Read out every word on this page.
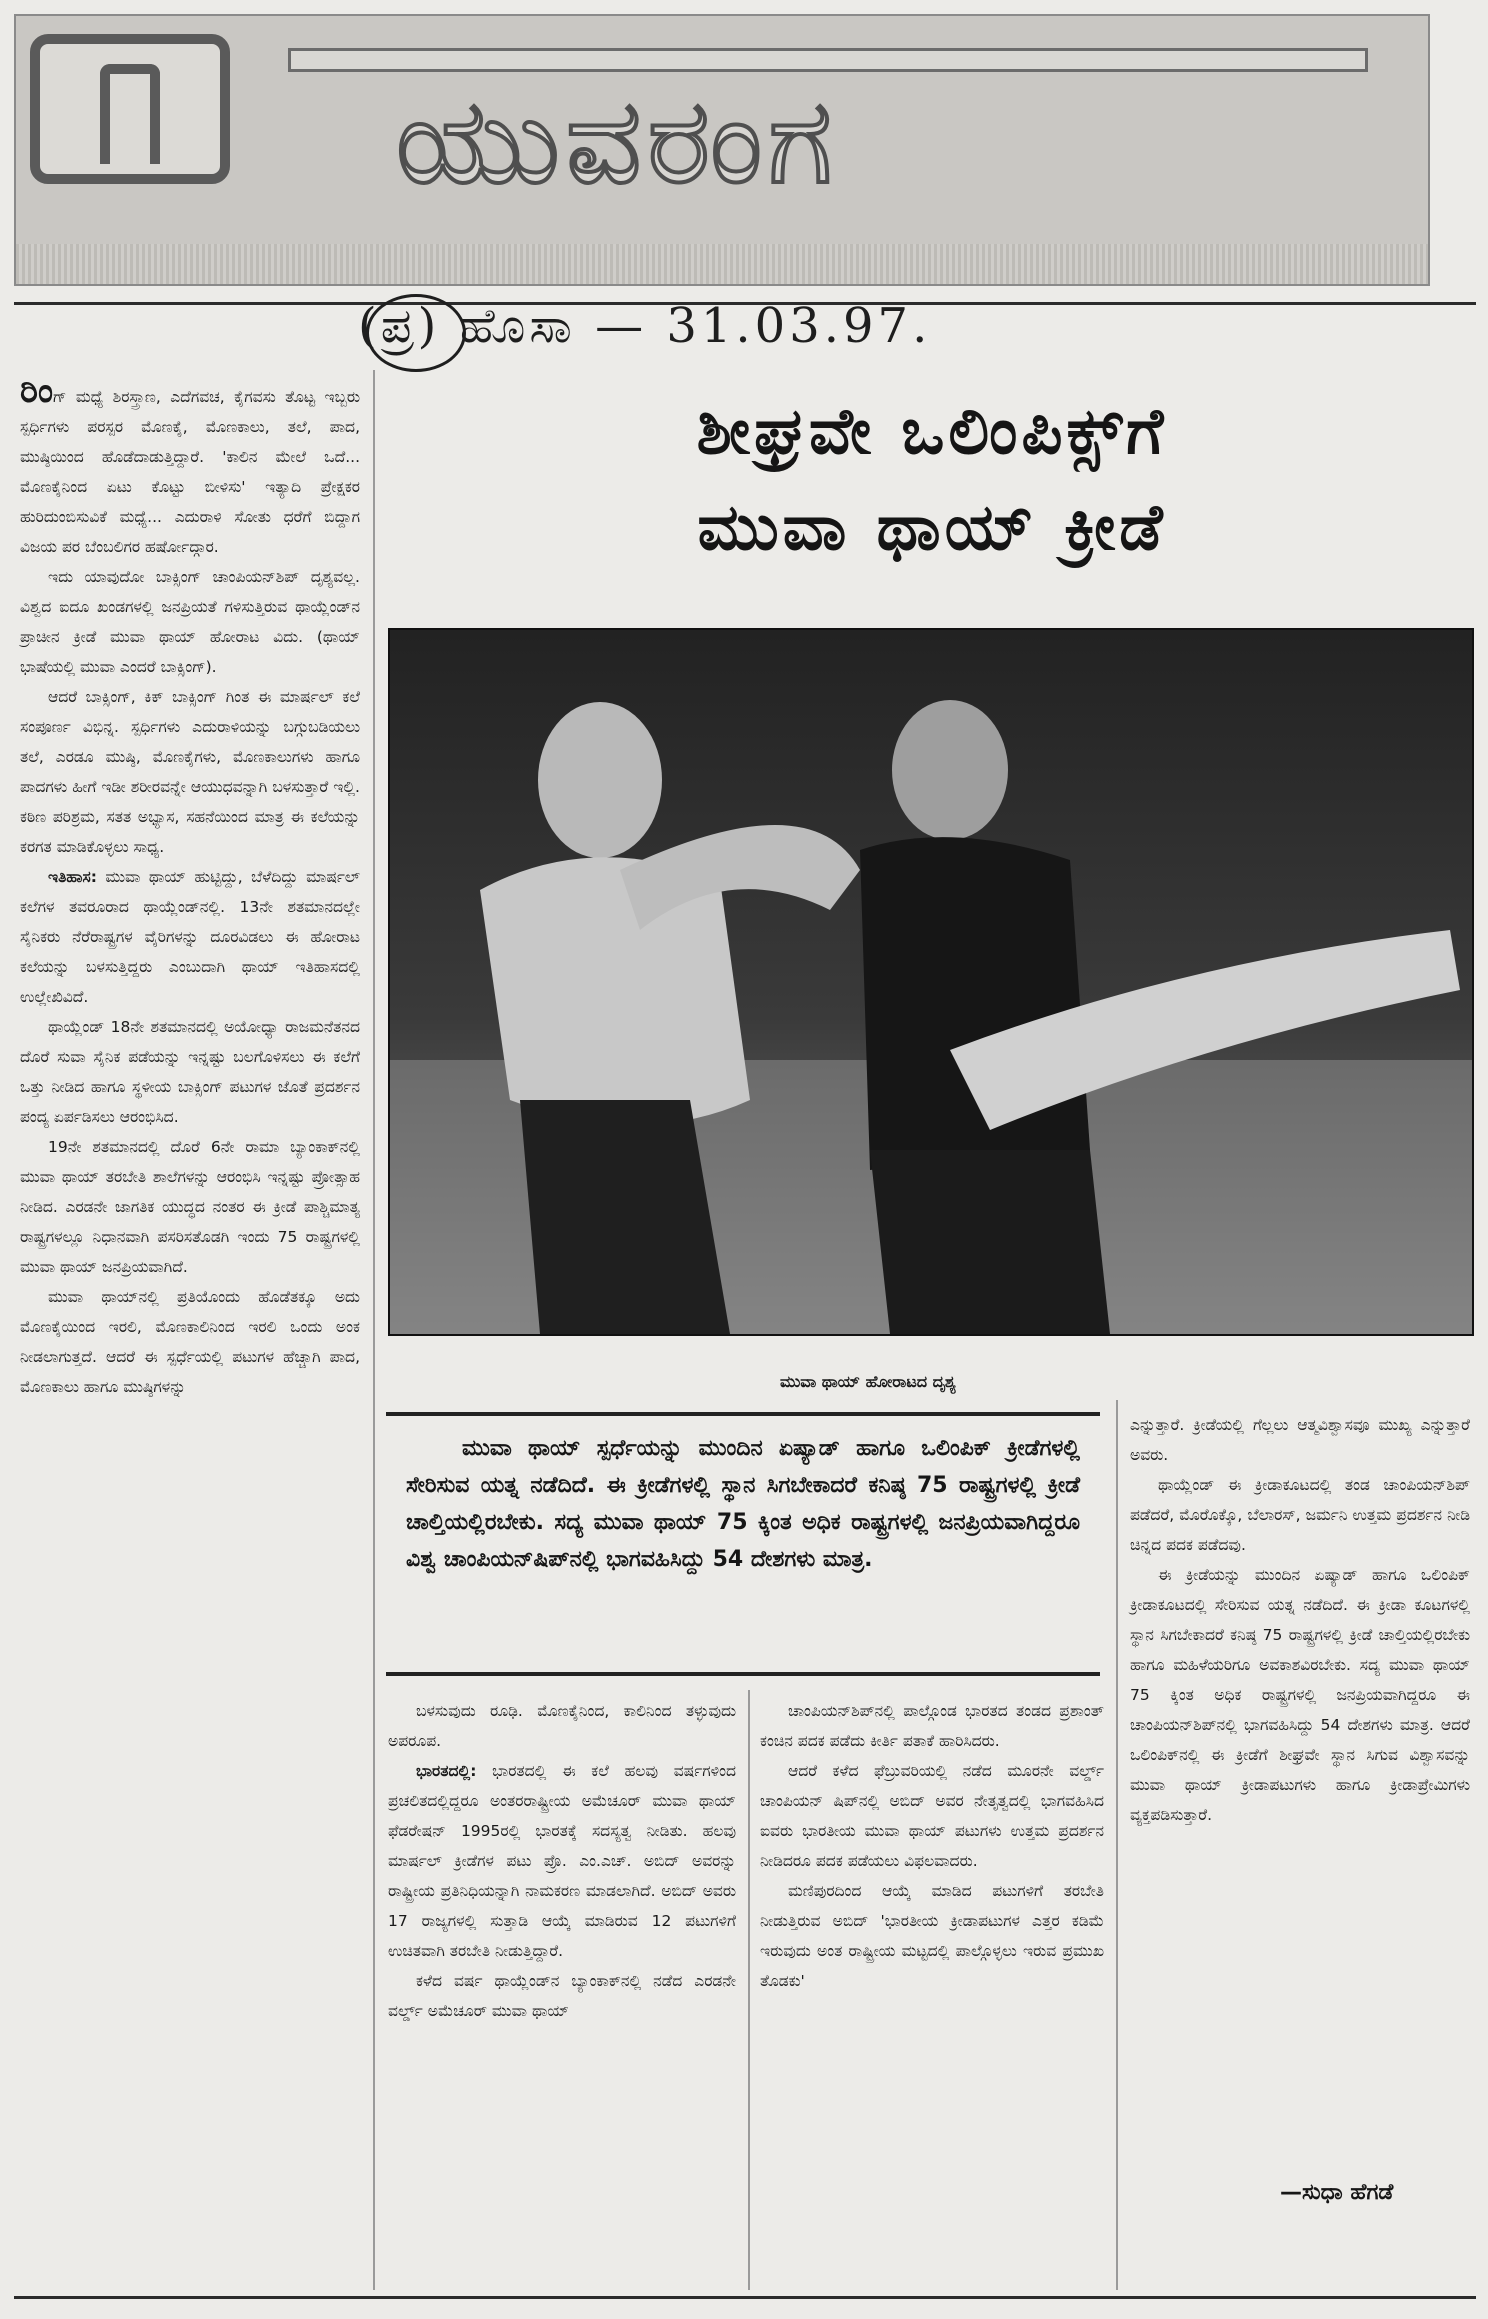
ಯುವರಂಗ
(ಪ್ರ) ಹೊಸಾ — 31.03.97.

ರಿಂಗ್ ಮಧ್ಯೆ ಶಿರಸ್ತ್ರಾಣ, ಎದೆಗವಚ, ಕೈಗವಸು ತೊಟ್ಟ ಇಬ್ಬರು ಸ್ಪರ್ಧಿಗಳು ಪರಸ್ಪರ ಮೊಣಕೈ, ಮೊಣಕಾಲು, ತಲೆ, ಪಾದ, ಮುಷ್ಠಿಯಿಂದ ಹೊಡೆದಾಡುತ್ತಿದ್ದಾರೆ. 'ಕಾಲಿನ ಮೇಲೆ ಒದೆ... ಮೊಣಕೈನಿಂದ ಏಟು ಕೊಟ್ಟು ಬೀಳಿಸು' ಇತ್ಯಾದಿ ಪ್ರೇಕ್ಷಕರ ಹುರಿದುಂಬಿಸುವಿಕೆ ಮಧ್ಯೆ... ಎದುರಾಳಿ ಸೋತು ಧರೆಗೆ ಬಿದ್ದಾಗ ವಿಜಯ ಪರ ಬೆಂಬಲಿಗರ ಹರ್ಷೋದ್ಗಾರ.

ಇದು ಯಾವುದೋ ಬಾಕ್ಸಿಂಗ್ ಚಾಂಪಿಯನ್‌ಶಿಪ್ ದೃಶ್ಯವಲ್ಲ. ವಿಶ್ವದ ಐದೂ ಖಂಡಗಳಲ್ಲಿ ಜನಪ್ರಿಯತೆ ಗಳಿಸುತ್ತಿರುವ ಥಾಯ್ಲೆಂಡ್‌ನ ಪ್ರಾಚೀನ ಕ್ರೀಡೆ ಮುವಾ ಥಾಯ್ ಹೋರಾಟ ವಿದು. (ಥಾಯ್ ಭಾಷೆಯಲ್ಲಿ ಮುವಾ ಎಂದರೆ ಬಾಕ್ಸಿಂಗ್).

ಆದರೆ ಬಾಕ್ಸಿಂಗ್, ಕಿಕ್ ಬಾಕ್ಸಿಂಗ್ ಗಿಂತ ಈ ಮಾರ್ಷಲ್ ಕಲೆ ಸಂಪೂರ್ಣ ವಿಭಿನ್ನ. ಸ್ಪರ್ಧಿಗಳು ಎದುರಾಳಿಯನ್ನು ಬಗ್ಗುಬಡಿಯಲು ತಲೆ, ಎರಡೂ ಮುಷ್ಠಿ, ಮೊಣಕೈಗಳು, ಮೊಣಕಾಲುಗಳು ಹಾಗೂ ಪಾದಗಳು ಹೀಗೆ ಇಡೀ ಶರೀರವನ್ನೇ ಆಯುಧವನ್ನಾಗಿ ಬಳಸುತ್ತಾರೆ ಇಲ್ಲಿ. ಕಠಿಣ ಪರಿಶ್ರಮ, ಸತತ ಅಭ್ಯಾಸ, ಸಹನೆಯಿಂದ ಮಾತ್ರ ಈ ಕಲೆಯನ್ನು ಕರಗತ ಮಾಡಿಕೊಳ್ಳಲು ಸಾಧ್ಯ.

ಇತಿಹಾಸ: ಮುವಾ ಥಾಯ್ ಹುಟ್ಟಿದ್ದು, ಬೆಳೆದಿದ್ದು ಮಾರ್ಷಲ್ ಕಲೆಗಳ ತವರೂರಾದ ಥಾಯ್ಲೆಂಡ್‌ನಲ್ಲಿ. 13ನೇ ಶತಮಾನದಲ್ಲೇ ಸೈನಿಕರು ನೆರೆರಾಷ್ಟ್ರಗಳ ವೈರಿಗಳನ್ನು ದೂರವಿಡಲು ಈ ಹೋರಾಟ ಕಲೆಯನ್ನು ಬಳಸುತ್ತಿದ್ದರು ಎಂಬುದಾಗಿ ಥಾಯ್ ಇತಿಹಾಸದಲ್ಲಿ ಉಲ್ಲೇಖಿವಿದೆ.

ಥಾಯ್ಲೆಂಡ್ 18ನೇ ಶತಮಾನದಲ್ಲಿ ಅಯೋಧ್ಯಾ ರಾಜಮನೆತನದ ದೊರೆ ಸುವಾ ಸೈನಿಕ ಪಡೆಯನ್ನು ಇನ್ನಷ್ಟು ಬಲಗೊಳಿಸಲು ಈ ಕಲೆಗೆ ಒತ್ತು ನೀಡಿದ ಹಾಗೂ ಸ್ಥಳೀಯ ಬಾಕ್ಸಿಂಗ್ ಪಟುಗಳ ಜೊತೆ ಪ್ರದರ್ಶನ ಪಂದ್ಯ ಏರ್ಪಡಿಸಲು ಆರಂಭಿಸಿದ.

19ನೇ ಶತಮಾನದಲ್ಲಿ ದೊರೆ 6ನೇ ರಾಮಾ ಬ್ಯಾಂಕಾಕ್‌ನಲ್ಲಿ ಮುವಾ ಥಾಯ್ ತರಬೇತಿ ಶಾಲೆಗಳನ್ನು ಆರಂಭಿಸಿ ಇನ್ನಷ್ಟು ಪ್ರೋತ್ಸಾಹ ನೀಡಿದ. ಎರಡನೇ ಜಾಗತಿಕ ಯುದ್ಧದ ನಂತರ ಈ ಕ್ರೀಡೆ ಪಾಶ್ಚಿಮಾತ್ಯ ರಾಷ್ಟ್ರಗಳಲ್ಲೂ ನಿಧಾನವಾಗಿ ಪಸರಿಸತೊಡಗಿ ಇಂದು 75 ರಾಷ್ಟ್ರಗಳಲ್ಲಿ ಮುವಾ ಥಾಯ್ ಜನಪ್ರಿಯವಾಗಿದೆ.

ಮುವಾ ಥಾಯ್‌ನಲ್ಲಿ ಪ್ರತಿಯೊಂದು ಹೊಡೆತಕ್ಕೂ ಅದು ಮೊಣಕೈಯಿಂದ ಇರಲಿ, ಮೊಣಕಾಲಿನಿಂದ ಇರಲಿ ಒಂದು ಅಂಕ ನೀಡಲಾಗುತ್ತದೆ. ಆದರೆ ಈ ಸ್ಪರ್ಧೆಯಲ್ಲಿ ಪಟುಗಳ ಹೆಚ್ಚಾಗಿ ಪಾದ, ಮೊಣಕಾಲು ಹಾಗೂ ಮುಷ್ಠಿಗಳನ್ನು

ಶೀಘ್ರವೇ ಒಲಿಂಪಿಕ್ಸ್‌ಗೆ
ಮುವಾ ಥಾಯ್ ಕ್ರೀಡೆ
ಮುವಾ ಥಾಯ್ ಹೋರಾಟದ ದೃಶ್ಯ
ಮುವಾ ಥಾಯ್ ಸ್ಪರ್ಧೆಯನ್ನು ಮುಂದಿನ ಏಷ್ಯಾಡ್ ಹಾಗೂ ಒಲಿಂಪಿಕ್ ಕ್ರೀಡೆಗಳಲ್ಲಿ ಸೇರಿಸುವ ಯತ್ನ ನಡೆದಿದೆ. ಈ ಕ್ರೀಡೆಗಳಲ್ಲಿ ಸ್ಥಾನ ಸಿಗಬೇಕಾದರೆ ಕನಿಷ್ಠ 75 ರಾಷ್ಟ್ರಗಳಲ್ಲಿ ಕ್ರೀಡೆ ಚಾಲ್ತಿಯಲ್ಲಿರಬೇಕು. ಸದ್ಯ ಮುವಾ ಥಾಯ್ 75 ಕ್ಕಿಂತ ಅಧಿಕ ರಾಷ್ಟ್ರಗಳಲ್ಲಿ ಜನಪ್ರಿಯವಾಗಿದ್ದರೂ ವಿಶ್ವ ಚಾಂಪಿಯನ್‌ಷಿಪ್‌ನಲ್ಲಿ ಭಾಗವಹಿಸಿದ್ದು 54 ದೇಶಗಳು ಮಾತ್ರ.

ಬಳಸುವುದು ರೂಢಿ. ಮೊಣಕೈನಿಂದ, ಕಾಲಿನಿಂದ ತಳ್ಳುವುದು ಅಪರೂಪ.

ಭಾರತದಲ್ಲಿ: ಭಾರತದಲ್ಲಿ ಈ ಕಲೆ ಹಲವು ವರ್ಷಗಳಿಂದ ಪ್ರಚಲಿತದಲ್ಲಿದ್ದರೂ ಅಂತರರಾಷ್ಟ್ರೀಯ ಅಮೆಚೂರ್ ಮುವಾ ಥಾಯ್ ಫೆಡರೇಷನ್ 1995ರಲ್ಲಿ ಭಾರತಕ್ಕೆ ಸದಸ್ಯತ್ವ ನೀಡಿತು. ಹಲವು ಮಾರ್ಷಲ್ ಕ್ರೀಡೆಗಳ ಪಟು ಪ್ರೊ. ಎಂ.ಎಚ್. ಅಬಿದ್ ಅವರನ್ನು ರಾಷ್ಟ್ರೀಯ ಪ್ರತಿನಿಧಿಯನ್ನಾಗಿ ನಾಮಕರಣ ಮಾಡಲಾಗಿದೆ. ಅಬಿದ್ ಅವರು 17 ರಾಜ್ಯಗಳಲ್ಲಿ ಸುತ್ತಾಡಿ ಆಯ್ಕೆ ಮಾಡಿರುವ 12 ಪಟುಗಳಿಗೆ ಉಚಿತವಾಗಿ ತರಬೇತಿ ನೀಡುತ್ತಿದ್ದಾರೆ.

ಕಳೆದ ವರ್ಷ ಥಾಯ್ಲೆಂಡ್‌ನ ಬ್ಯಾಂಕಾಕ್‌ನಲ್ಲಿ ನಡೆದ ಎರಡನೇ ವರ್ಲ್ಡ್ ಅಮೆಚೂರ್ ಮುವಾ ಥಾಯ್

ಚಾಂಪಿಯನ್‌ಶಿಪ್‌ನಲ್ಲಿ ಪಾಲ್ಗೊಂಡ ಭಾರತದ ತಂಡದ ಪ್ರಶಾಂತ್ ಕಂಚಿನ ಪದಕ ಪಡೆದು ಕೀರ್ತಿ ಪತಾಕೆ ಹಾರಿಸಿದರು.

ಆದರೆ ಕಳೆದ ಫೆಬ್ರುವರಿಯಲ್ಲಿ ನಡೆದ ಮೂರನೇ ವರ್ಲ್ಡ್ ಚಾಂಪಿಯನ್ ಷಿಪ್‌ನಲ್ಲಿ ಅಬಿದ್ ಅವರ ನೇತೃತ್ವದಲ್ಲಿ ಭಾಗವಹಿಸಿದ ಐವರು ಭಾರತೀಯ ಮುವಾ ಥಾಯ್ ಪಟುಗಳು ಉತ್ತಮ ಪ್ರದರ್ಶನ ನೀಡಿದರೂ ಪದಕ ಪಡೆಯಲು ವಿಫಲವಾದರು.

ಮಣಿಪುರದಿಂದ ಆಯ್ಕೆ ಮಾಡಿದ ಪಟುಗಳಿಗೆ ತರಬೇತಿ ನೀಡುತ್ತಿರುವ ಅಬಿದ್ 'ಭಾರತೀಯ ಕ್ರೀಡಾಪಟುಗಳ ಎತ್ತರ ಕಡಿಮೆ ಇರುವುದು ಅಂತ ರಾಷ್ಟ್ರೀಯ ಮಟ್ಟದಲ್ಲಿ ಪಾಲ್ಗೊಳ್ಳಲು ಇರುವ ಪ್ರಮುಖ ತೊಡಕು'

ಎನ್ನುತ್ತಾರೆ. ಕ್ರೀಡೆಯಲ್ಲಿ ಗೆಲ್ಲಲು ಆತ್ಮವಿಶ್ವಾಸವೂ ಮುಖ್ಯ ಎನ್ನುತ್ತಾರೆ ಅವರು.

ಥಾಯ್ಲೆಂಡ್ ಈ ಕ್ರೀಡಾಕೂಟದಲ್ಲಿ ತಂಡ ಚಾಂಪಿಯನ್‌ಶಿಪ್ ಪಡೆದರೆ, ಮೊರೊಕ್ಕೊ, ಬೆಲಾರಸ್, ಜರ್ಮನಿ ಉತ್ತಮ ಪ್ರದರ್ಶನ ನೀಡಿ ಚಿನ್ನದ ಪದಕ ಪಡೆದವು.

ಈ ಕ್ರೀಡೆಯನ್ನು ಮುಂದಿನ ಏಷ್ಯಾಡ್ ಹಾಗೂ ಒಲಿಂಪಿಕ್ ಕ್ರೀಡಾಕೂಟದಲ್ಲಿ ಸೇರಿಸುವ ಯತ್ನ ನಡೆದಿದೆ. ಈ ಕ್ರೀಡಾ ಕೂಟಗಳಲ್ಲಿ ಸ್ಥಾನ ಸಿಗಬೇಕಾದರೆ ಕನಿಷ್ಠ 75 ರಾಷ್ಟ್ರಗಳಲ್ಲಿ ಕ್ರೀಡೆ ಚಾಲ್ತಿಯಲ್ಲಿರಬೇಕು ಹಾಗೂ ಮಹಿಳೆಯರಿಗೂ ಅವಕಾಶವಿರಬೇಕು. ಸದ್ಯ ಮುವಾ ಥಾಯ್ 75 ಕ್ಕಿಂತ ಅಧಿಕ ರಾಷ್ಟ್ರಗಳಲ್ಲಿ ಜನಪ್ರಿಯವಾಗಿದ್ದರೂ ಈ ಚಾಂಪಿಯನ್‌ಶಿಪ್‌ನಲ್ಲಿ ಭಾಗವಹಿಸಿದ್ದು 54 ದೇಶಗಳು ಮಾತ್ರ. ಆದರೆ ಒಲಿಂಪಿಕ್‌ನಲ್ಲಿ ಈ ಕ್ರೀಡೆಗೆ ಶೀಘ್ರವೇ ಸ್ಥಾನ ಸಿಗುವ ವಿಶ್ವಾಸವನ್ನು ಮುವಾ ಥಾಯ್ ಕ್ರೀಡಾಪಟುಗಳು ಹಾಗೂ ಕ್ರೀಡಾಪ್ರೇಮಿಗಳು ವ್ಯಕ್ತಪಡಿಸುತ್ತಾರೆ.

—ಸುಧಾ ಹೆಗಡೆ
